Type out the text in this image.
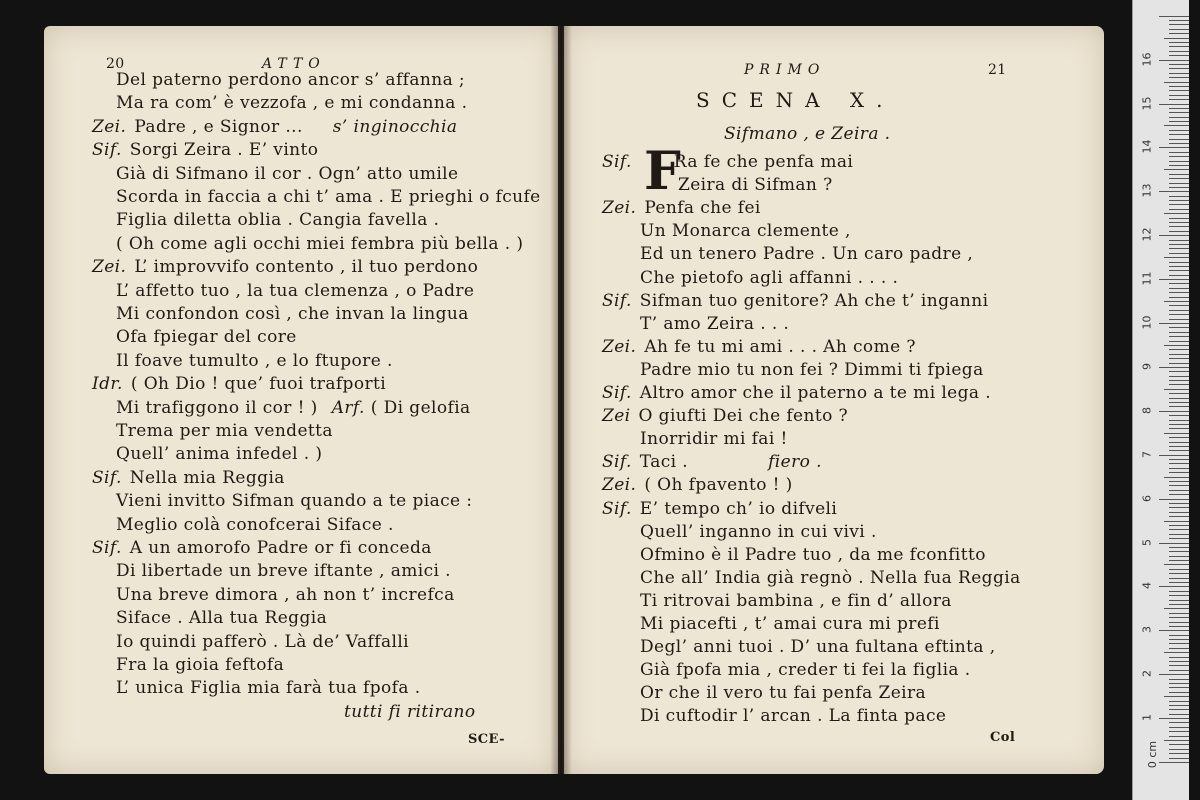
20	ATTO
Del paterno perdono ancor s’ affanna ;
Ma ra com’ è vezzofa , e mi condanna .
Zei. Padre , e Signor ... s’ inginocchia
Sif. Sorgi Zeira . E’ vinto
Già di Sifmano il cor . Ogn’ atto umile
Scorda in faccia a chi t’ ama . E prieghi o fcufe
Figlia diletta oblia . Cangia favella .
( Oh come agli occhi miei fembra più bella . )
Zei. L’ improvvifo contento , il tuo perdono
L’ affetto tuo , la tua clemenza , o Padre
Mi confondon così , che invan la lingua
Ofa fpiegar del core
Il foave tumulto , e lo ftupore .
Idr. ( Oh Dio ! que’ fuoi trafporti
Mi trafiggono il cor ! ) Arf. ( Di gelofia
Trema per mia vendetta
Quell’ anima infedel . )
Sif. Nella mia Reggia
Vieni invitto Sifman quando a te piace :
Meglio colà conofcerai Siface .
Sif. A un amorofo Padre or fi conceda
Di libertade un breve iftante , amici .
Una breve dimora , ah non t’ increfca
Siface . Alla tua Reggia
Io quindi pafferò . Là de’ Vaffalli
Fra la gioia feftofa
L’ unica Figlia mia farà tua fpofa .
tutti fi ritirano
SCE-
PRIMO	21
SCENA X.
Sifmano , e Zeira .
F
Sif. Ra fe che penfa mai
Zeira di Sifman ?
Zei. Penfa che fei
Un Monarca clemente ,
Ed un tenero Padre . Un caro padre ,
Che pietofo agli affanni . . . .
Sif. Sifman tuo genitore? Ah che t’ inganni
T’ amo Zeira . . .
Zei. Ah fe tu mi ami . . . Ah come ?
Padre mio tu non fei ? Dimmi ti fpiega
Sif. Altro amor che il paterno a te mi lega .
Zei O giufti Dei che fento ?
Inorridir mi fai !
Sif. Taci .	fiero .
Zei. ( Oh fpavento ! )
Sif. E’ tempo ch’ io difveli
Quell’ inganno in cui vivi .
Ofmino è il Padre tuo , da me fconfitto
Che all’ India già regnò . Nella fua Reggia
Ti ritrovai bambina , e fin d’ allora
Mi piacefti , t’ amai cura mi prefi
Degl’ anni tuoi . D’ una fultana eftinta ,
Già fpofa mia , creder ti fei la figlia .
Or che il vero tu fai penfa Zeira
Di cuftodir l’ arcan . La finta pace
Col
0 cm
1
2
3
4
5
6
7
8
9
10
11
12
13
14
15
16
